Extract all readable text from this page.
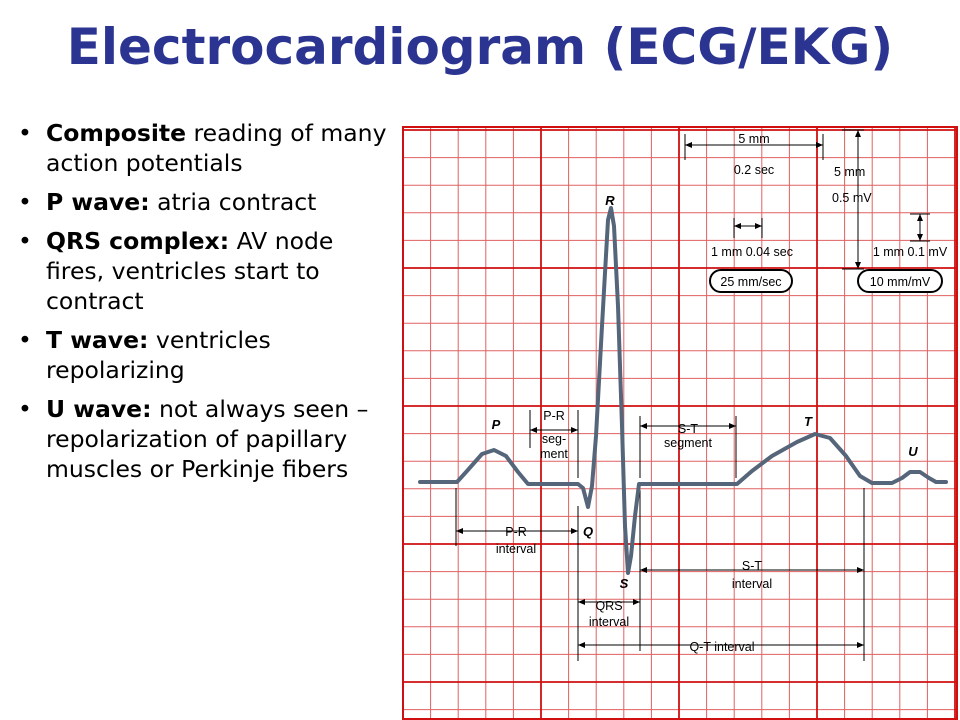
Electrocardiogram (ECG/EKG)
• Composite reading of many action potentials
• P wave: atria contract
• QRS complex: AV node fires, ventricles start to contract
• T wave: ventricles repolarizing
• U wave: not always seen – repolarization of papillary muscles or Perkinje fibers
5 mm
0.2 sec	5 mm
0.5 mV
1 mm 0.04 sec	1 mm 0.1 mV
25 mm/sec	10 mm/mV
R
P
Q
S
T
U
P-R
seg-
ment
S-T
segment
P-R
interval
QRS
interval
S-T
interval
Q-T interval
